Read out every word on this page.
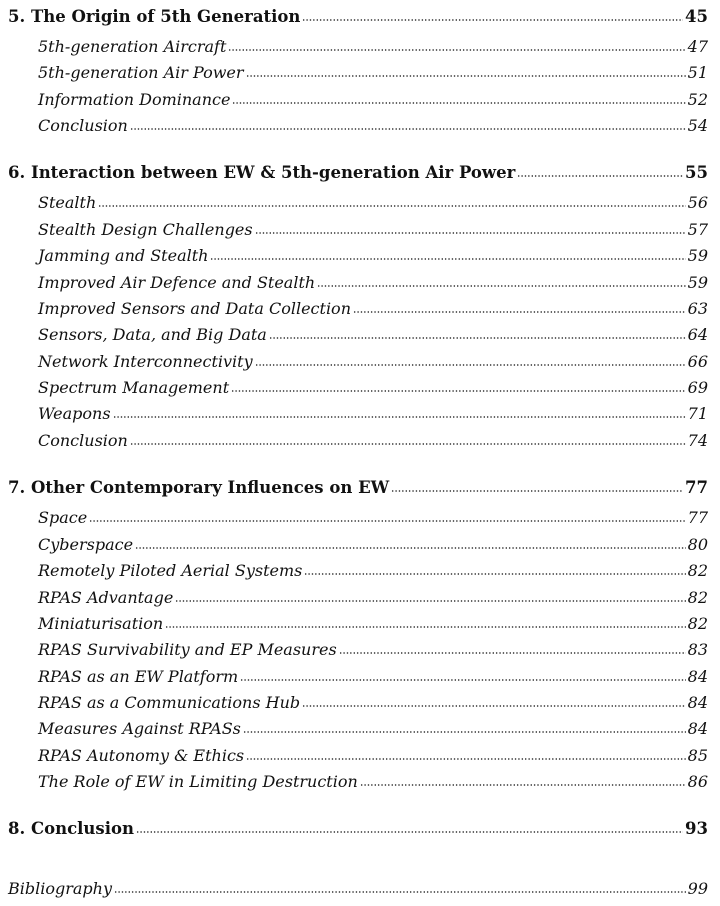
5. The Origin of 5th Generation	45
5th-generation Aircraft	47
5th-generation Air Power	51
Information Dominance	52
Conclusion	54
6. Interaction between EW & 5th-generation Air Power	55
Stealth	56
Stealth Design Challenges	57
Jamming and Stealth	59
Improved Air Defence and Stealth	59
Improved Sensors and Data Collection	63
Sensors, Data, and Big Data	64
Network Interconnectivity	66
Spectrum Management	69
Weapons	71
Conclusion	74
7. Other Contemporary Influences on EW	77
Space	77
Cyberspace	80
Remotely Piloted Aerial Systems	82
RPAS Advantage	82
Miniaturisation	82
RPAS Survivability and EP Measures	83
RPAS as an EW Platform	84
RPAS as a Communications Hub	84
Measures Against RPASs	84
RPAS Autonomy & Ethics	85
The Role of EW in Limiting Destruction	86
8. Conclusion	93
Bibliography	99
